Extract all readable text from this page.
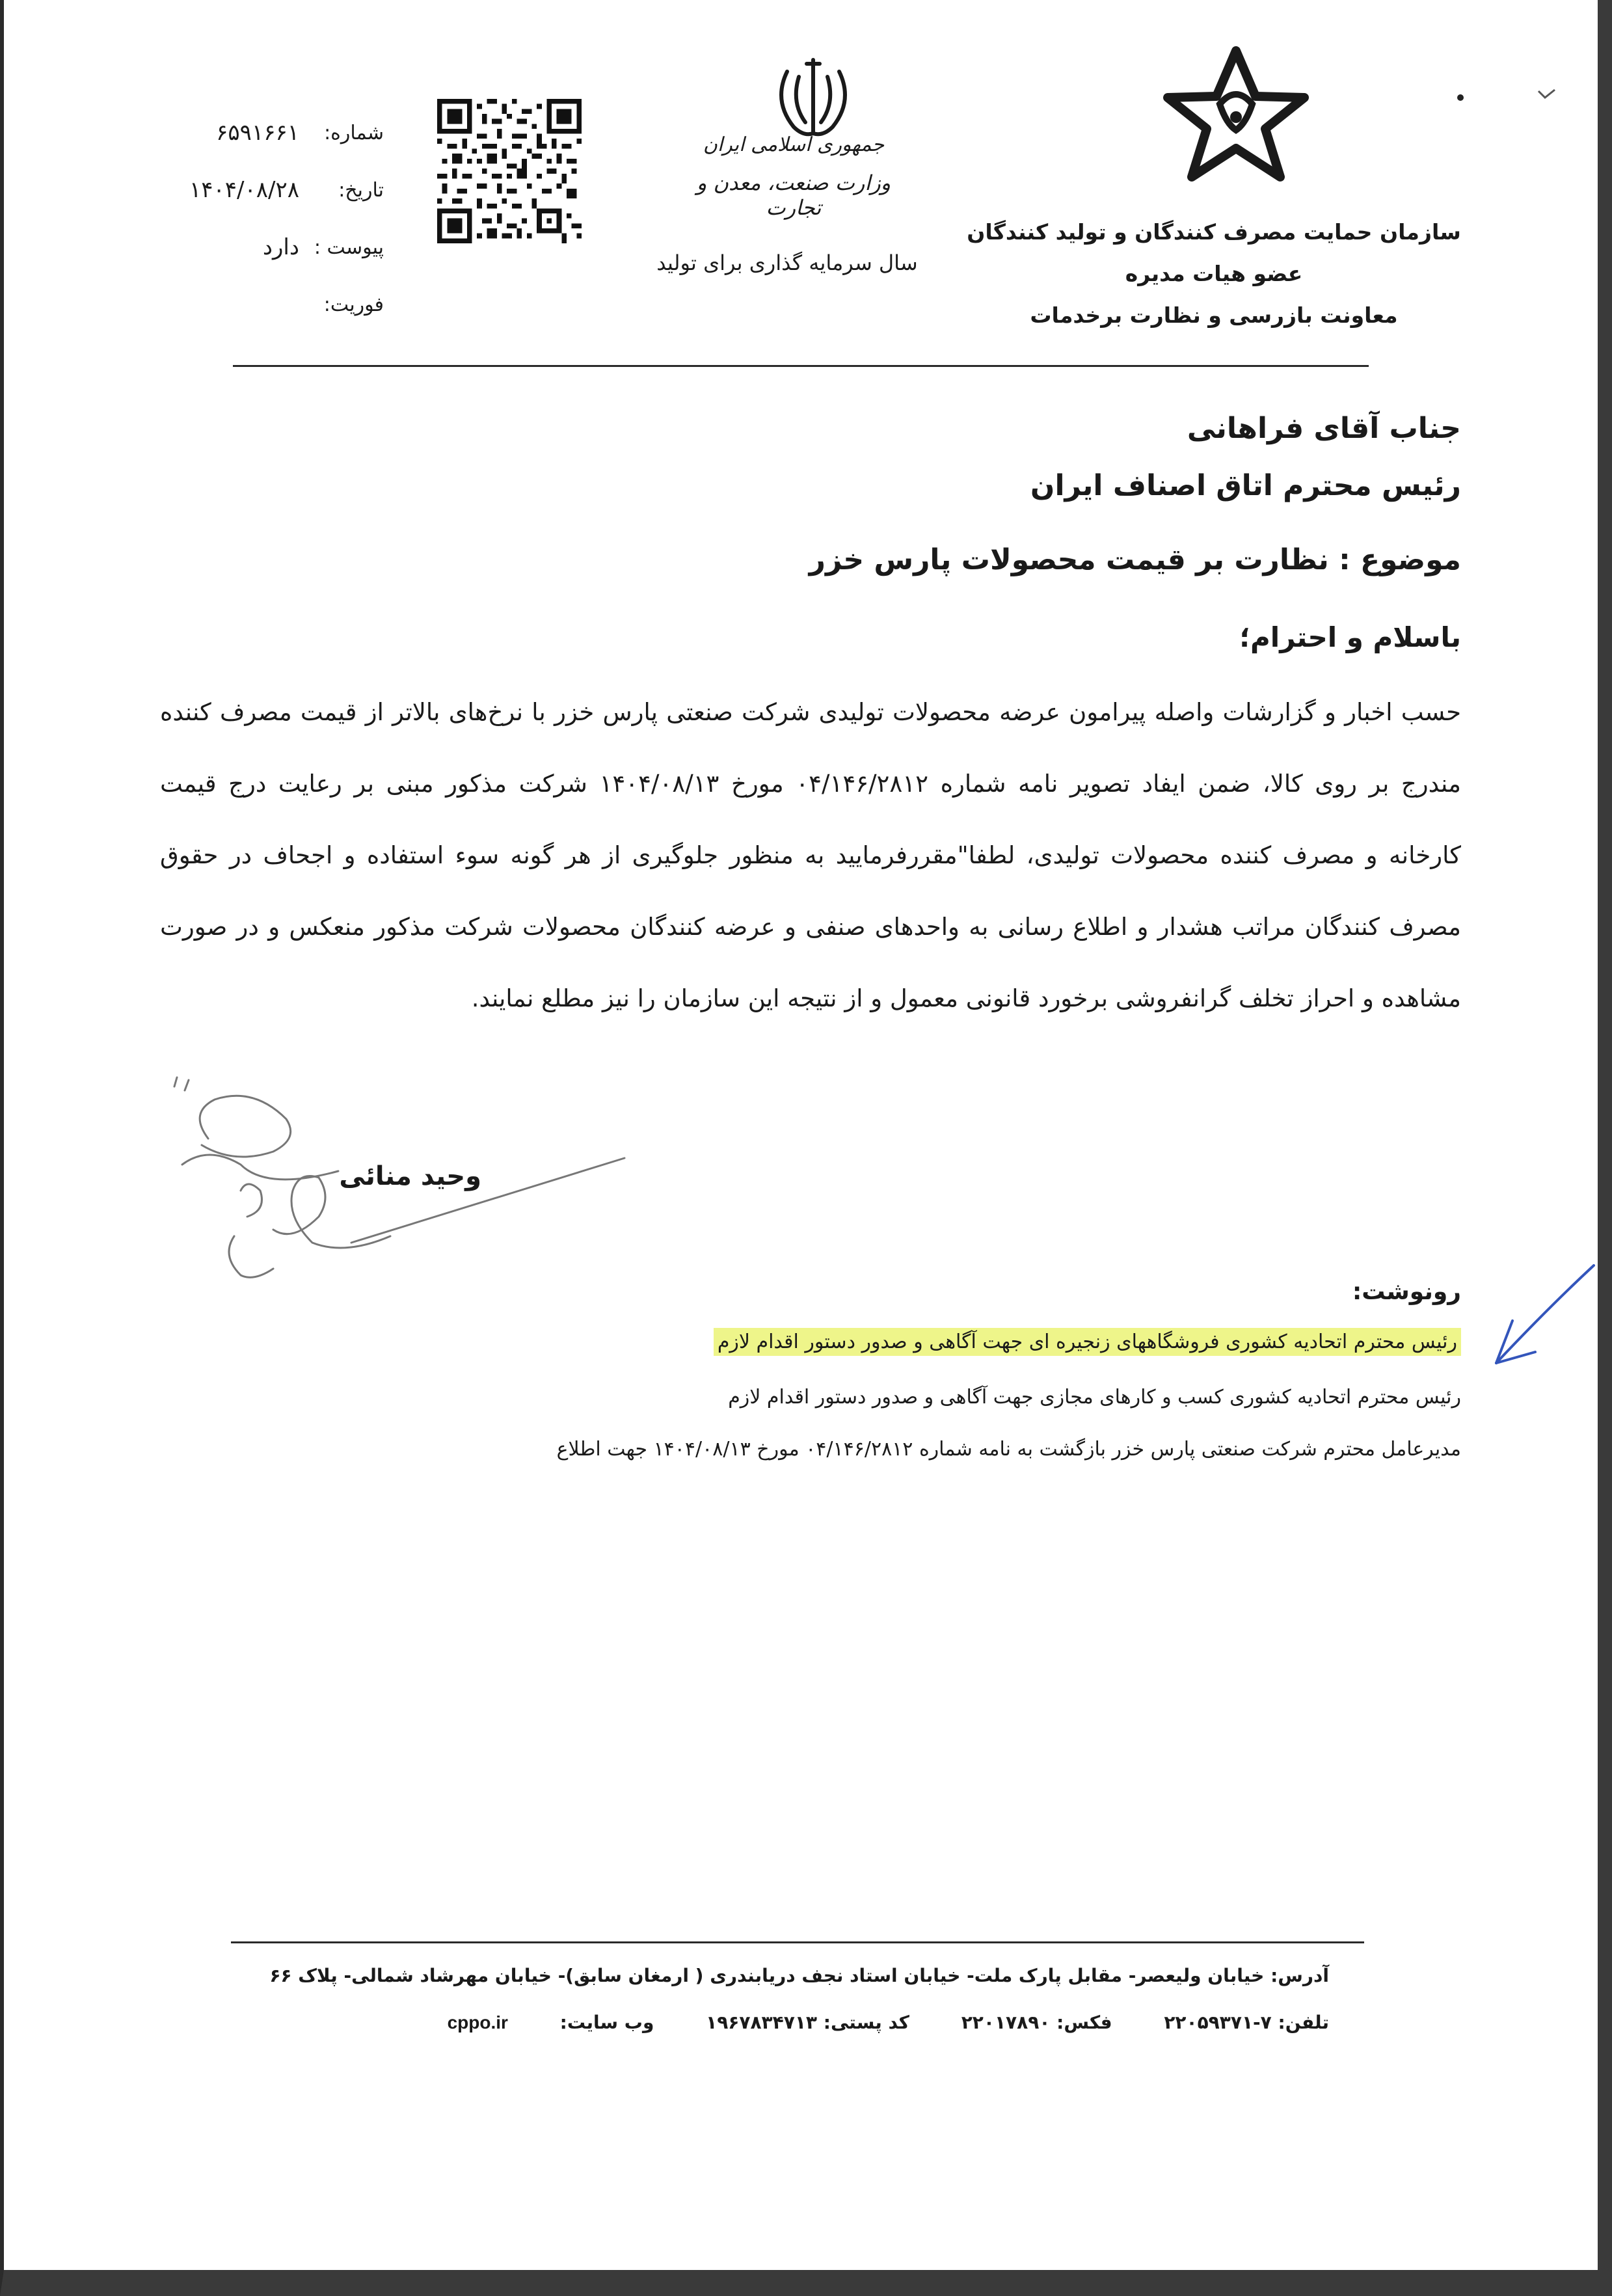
جمهوری اسلامی ایران
وزارت صنعت، معدن و تجارت
سال سرمایه گذاری برای تولید
سازمان حمایت مصرف کنندگان و تولید کنندگان
عضو هیات مدیره
معاونت بازرسی و نظارت برخدمات
شماره:
۶۵۹۱۶۶۱
تاریخ:
۱۴۰۴/۰۸/۲۸
پیوست :
دارد
فوریت:
جناب آقای فراهانی
رئیس محترم اتاق اصناف ایران
موضوع : نظارت بر قیمت محصولات پارس خزر
باسلام و احترام؛
حسب اخبار و گزارشات واصله پیرامون عرضه محصولات تولیدی شرکت صنعتی پارس خزر با نرخ‌های بالاتر از قیمت مصرف کننده مندرج بر روی کالا، ضمن ایفاد تصویر نامه شماره ۰۴/۱۴۶/۲۸۱۲ مورخ ۱۴۰۴/۰۸/۱۳ شرکت مذکور مبنی بر رعایت درج قیمت کارخانه و مصرف کننده محصولات تولیدی، لطفا"مقررفرمایید به منظور جلوگیری از هر گونه سوء استفاده و اجحاف در حقوق مصرف کنندگان مراتب هشدار و اطلاع رسانی به واحدهای صنفی و عرضه کنندگان محصولات شرکت مذکور منعکس و در صورت مشاهده و احراز تخلف گرانفروشی برخورد قانونی معمول و از نتیجه این سازمان را نیز مطلع نمایند.
وحید منائی
رونوشت:
رئیس محترم اتحادیه کشوری فروشگاههای زنجیره ای جهت آگاهی و صدور دستور اقدام لازم
رئیس محترم اتحادیه کشوری کسب و کارهای مجازی جهت آگاهی و صدور دستور اقدام لازم
مدیرعامل محترم شرکت صنعتی پارس خزر بازگشت به نامه شماره ۰۴/۱۴۶/۲۸۱۲ مورخ ۱۴۰۴/۰۸/۱۳ جهت اطلاع
آدرس: خیابان ولیعصر- مقابل پارک ملت- خیابان استاد نجف دریابندری ( ارمغان سابق)- خیابان مهرشاد شمالی- پلاک ۶۶
تلفن: ۷-۲۲۰۵۹۳۷۱ فکس: ۲۲۰۱۷۸۹۰ کد پستی: ۱۹۶۷۸۳۴۷۱۳ وب سایت: cppo.ir
